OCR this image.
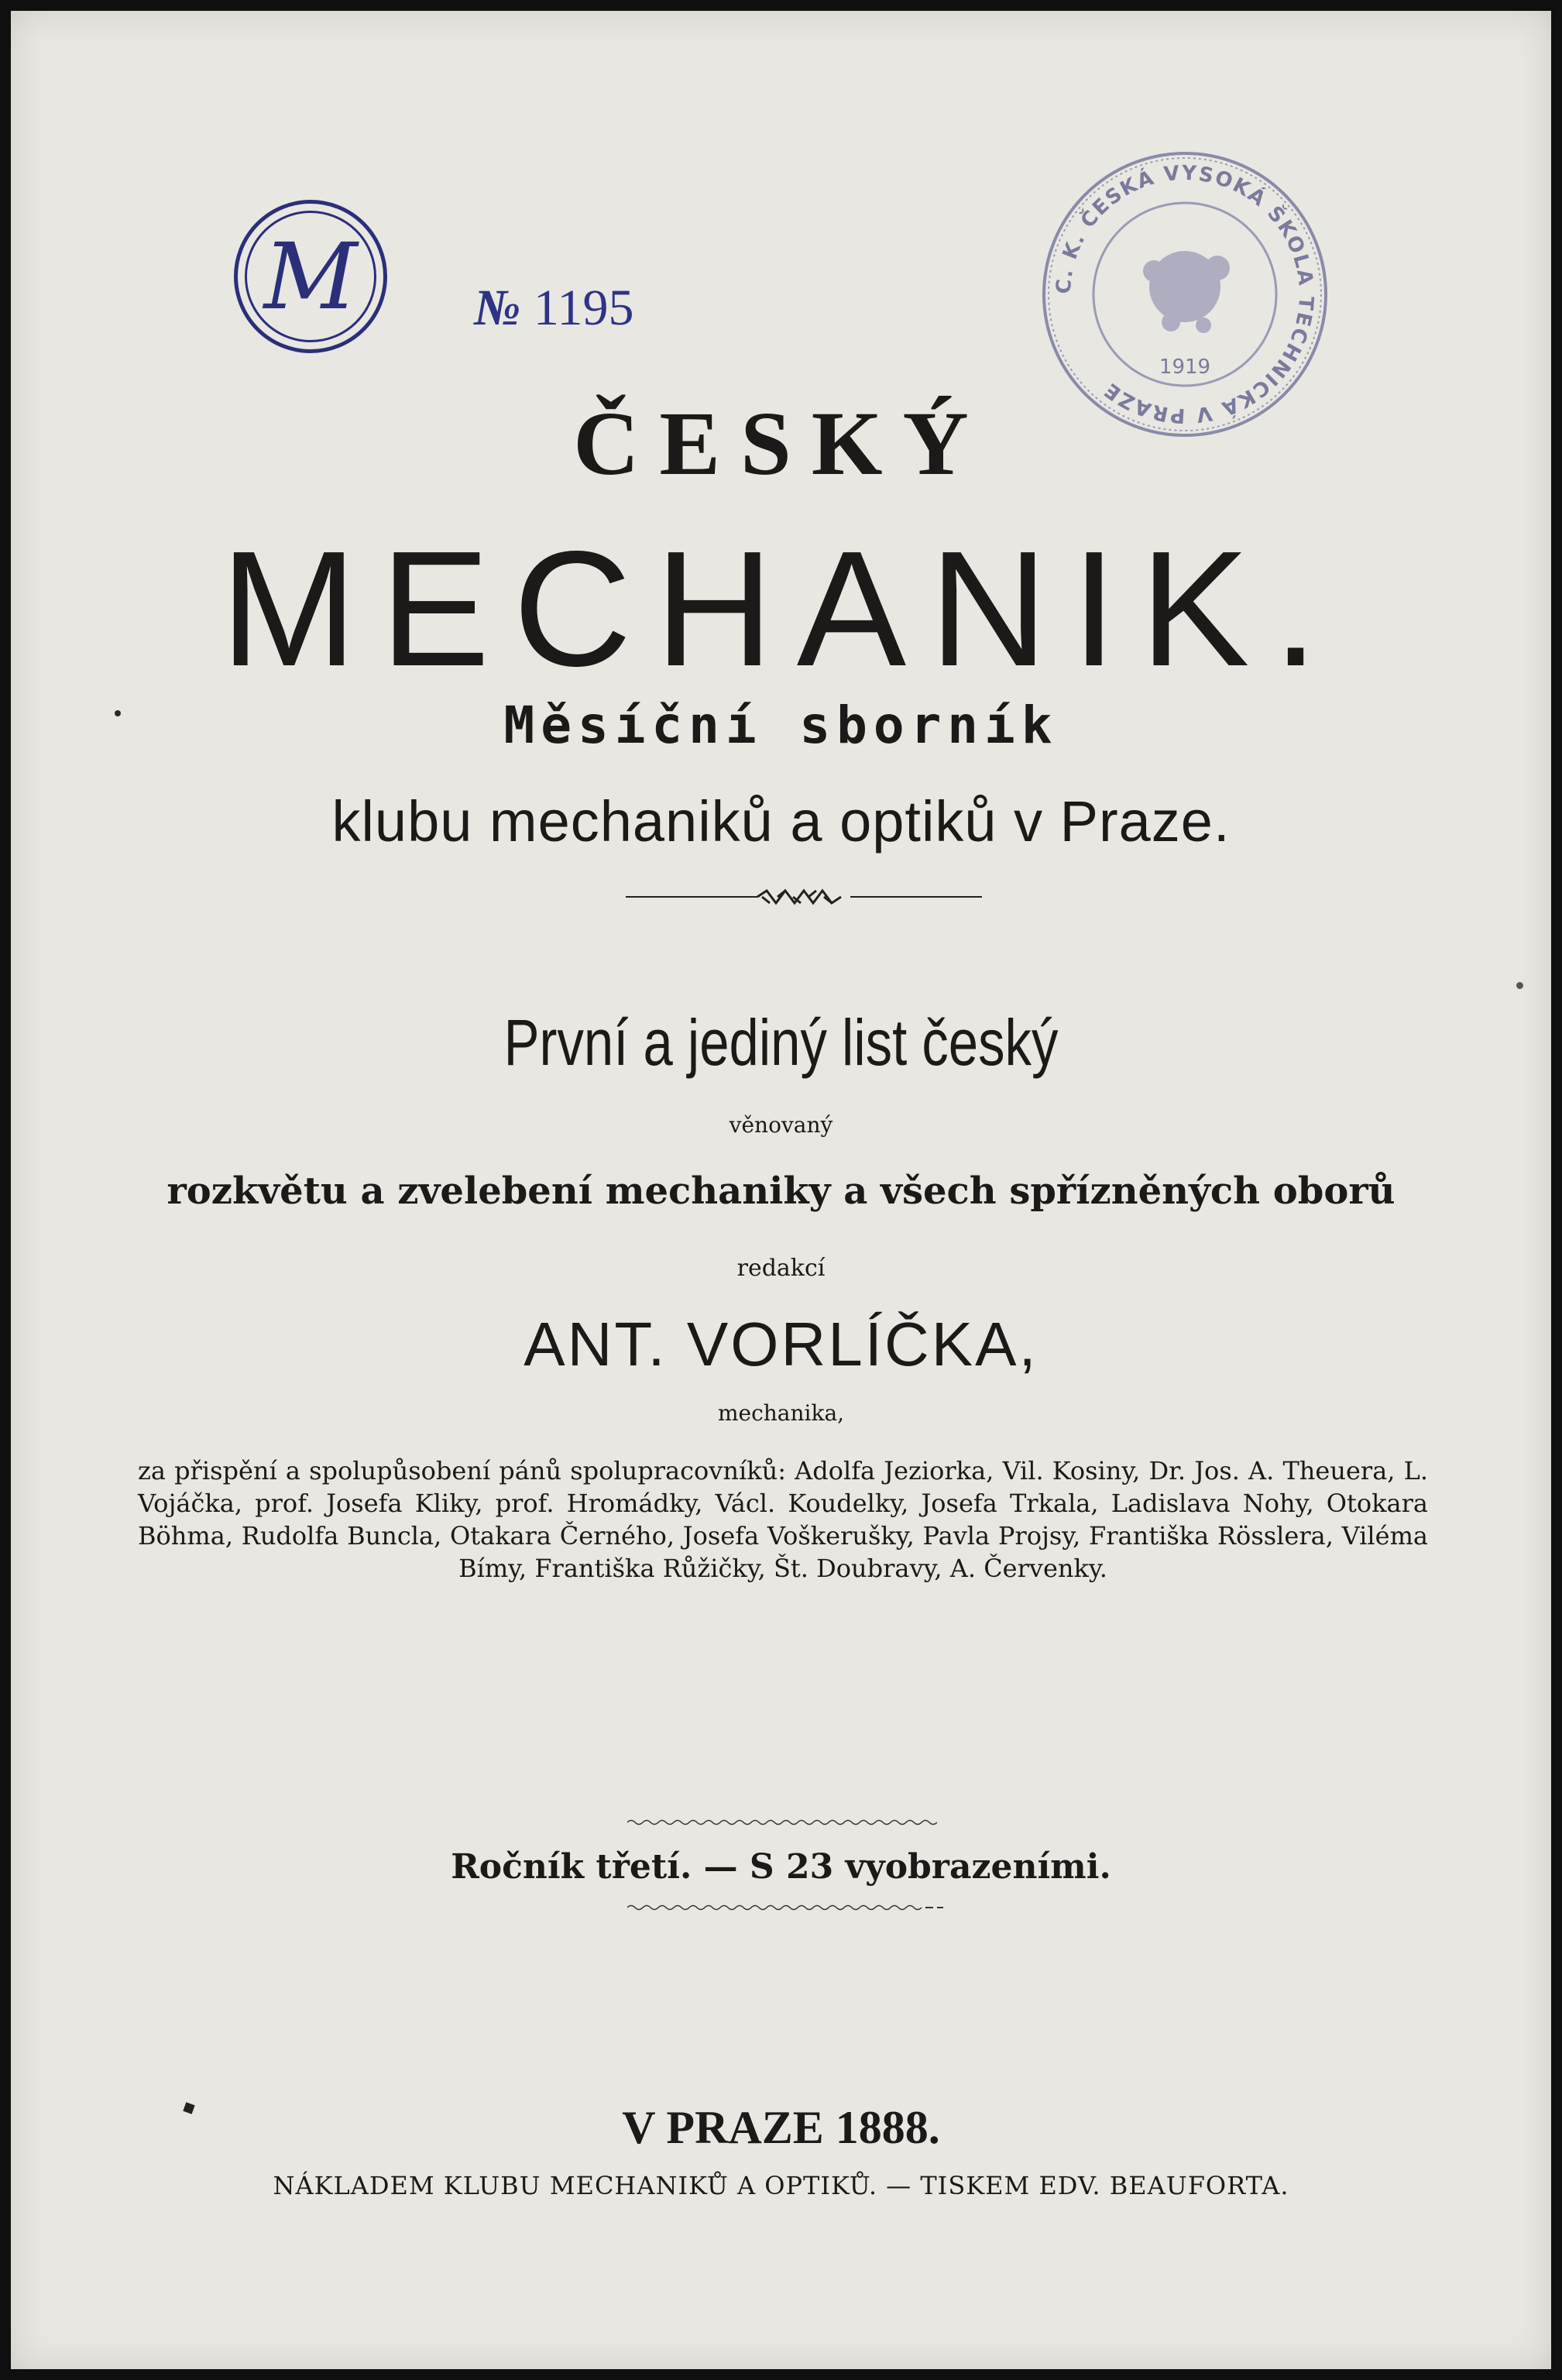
M	№ 1195	C. K. ČESKÁ VYSOKÁ ŠKOLA TECHNICKÁ V PRAZE
1919
ČESKÝ
MECHANIK.
Měsíční sborník
klubu mechaniků a optiků v Praze.
První a jediný list český
věnovaný
rozkvětu a zvelebení mechaniky a všech spřízněných oborů
redakcí
ANT. VORLÍČKA,
mechanika,
za přispění a spolupůsobení pánů spolupracovníků: Adolfa Jeziorka, Vil. Kosiny, Dr. Jos. A. Theuera, L. Vojáčka, prof. Josefa Kliky, prof. Hromádky, Václ. Koudelky, Josefa Trkala, Ladislava Nohy, Otokara Böhma, Rudolfa Buncla, Otakara Černého, Josefa Voškerušky, Pavla Projsy, Františka Rösslera, Viléma Bímy, Františka Růžičky, Št. Doubravy, A. Červenky.
Ročník třetí. — S 23 vyobrazeními.
V PRAZE 1888.
NÁKLADEM KLUBU MECHANIKŮ A OPTIKŮ. — TISKEM EDV. BEAUFORTA.
